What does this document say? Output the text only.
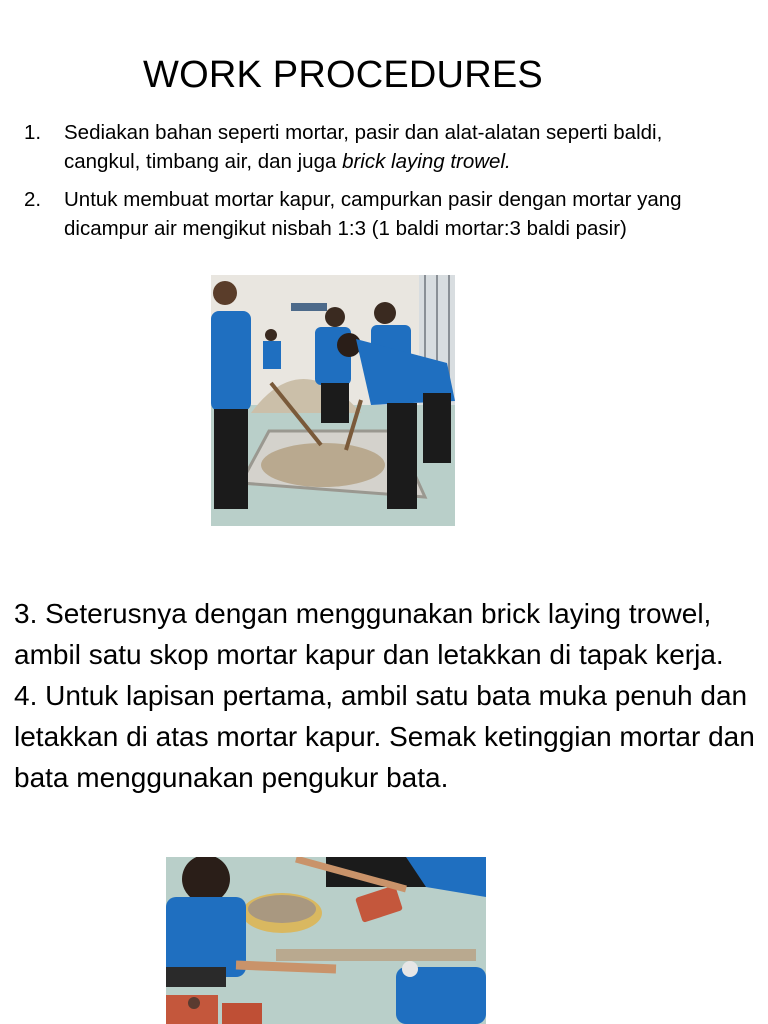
WORK PROCEDURES
1.	Sediakan bahan seperti mortar, pasir dan alat-alatan seperti baldi, cangkul, timbang air, dan juga brick laying trowel.
2.	Untuk membuat mortar kapur, campurkan pasir dengan mortar yang dicampur air mengikut nisbah 1:3 (1 baldi mortar:3 baldi pasir)

3. Seterusnya dengan menggunakan brick laying trowel, ambil satu skop mortar kapur dan letakkan di tapak kerja.

4. Untuk lapisan pertama, ambil satu bata muka penuh dan letakkan di atas mortar kapur. Semak ketinggian mortar dan bata menggunakan pengukur bata.
